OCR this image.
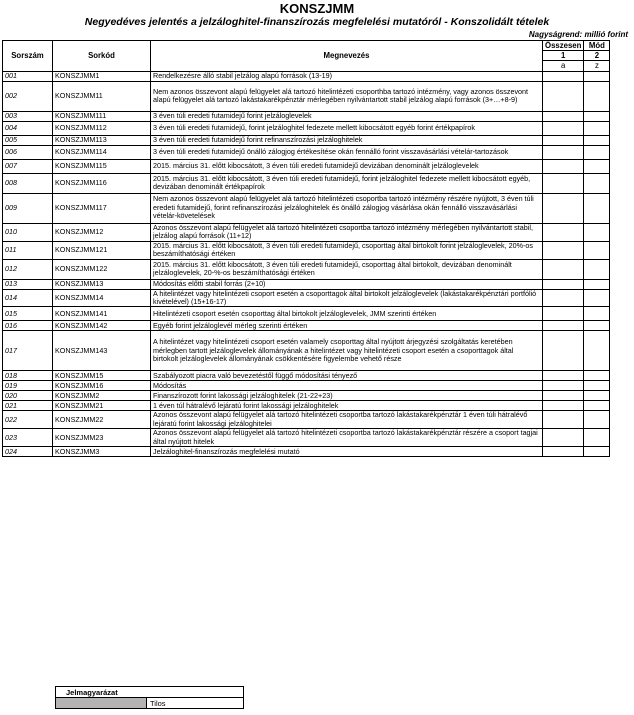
KONSZJMM
Negyedéves jelentés a jelzáloghitel-finanszírozás megfelelési mutatóról - Konszolidált tételek
Nagyságrend: millió forint
Sorszám	Sorkód	Megnevezés	Összesen	Mód
			1	2
			a	z
001	KONSZJMM1	Rendelkezésre álló stabil jelzálog alapú források (13-19)		
002	KONSZJMM11	Nem azonos összevont alapú felügyelet alá tartozó hitelintézeti csoporthba tartozó intézmény, vagy azonos összevont alapú felügyelet alá tartozó lakástakarékpénztár mérlegében nyilvántartott stabil jelzálog alapú források (3+…+8-9)		
003	KONSZJMM111	3 éven túli eredeti futamidejű forint jelzáloglevelek		
004	KONSZJMM112	3 éven túli eredeti futamidejű, forint jelzáloghitel fedezete mellett kibocsátott egyéb forint értékpapírok		
005	KONSZJMM113	3 éven túli eredeti futamidejű forint refinanszírozási jelzáloghitelek		
006	KONSZJMM114	3 éven túli eredeti futamidejű önálló zálogjog értékesítése okán fennálló forint visszavásárlási vételár-tartozások		
007	KONSZJMM115	2015. március 31. előtt kibocsátott, 3 éven túli eredeti futamidejű devizában denominált jelzáloglevelek		
008	KONSZJMM116	2015. március 31. előtt kibocsátott, 3 éven túli eredeti futamidejű, forint jelzáloghitel fedezete mellett kibocsátott egyéb, devizában denominált értékpapírok		
009	KONSZJMM117	Nem azonos összevont alapú felügyelet alá tartozó hitelintézeti csoportba tartozó intézmény részére nyújtott, 3 éven túli eredeti futamidejű, forint refinanszírozási jelzáloghitelek és önálló zálogjog vásárlása okán fennálló visszavásárlási vételár-követelések		
010	KONSZJMM12	Azonos összevont alapú felügyelet alá tartozó hitelintézeti csoportba tartozó intézmény mérlegében nyilvántartott stabil, jelzálog alapú források (11+12)		
011	KONSZJMM121	2015. március 31. előtt kibocsátott, 3 éven túli eredeti futamidejű, csoporttag által birtokolt forint jelzáloglevelek, 20%-os beszámíthatósági értéken		
012	KONSZJMM122	2015. március 31. előtt kibocsátott, 3 éven túli eredeti futamidejű, csoporttag által birtokolt, devizában denominált jelzáloglevelek, 20-%-os beszámíthatósági értéken		
013	KONSZJMM13	Módosítás előtti stabil forrás (2+10)		
014	KONSZJMM14	A hitelintézet vagy hitelintézeti csoport esetén a csoporttagok által birtokolt jelzáloglevelek (lakástakarékpénztári portfólió kivételével) (15+16-17)		
015	KONSZJMM141	Hitelintézeti csoport esetén csoporttag által birtokolt jelzáloglevelek, JMM szerinti értéken		
016	KONSZJMM142	Egyéb forint jelzáloglevél mérleg szerinti értéken		
017	KONSZJMM143	A hitelintézet vagy hitelintézeti csoport esetén valamely csoporttag által nyújtott árjegyzési szolgáltatás keretében mérlegben tartott jelzáloglevelek állományának a hitelintézet vagy hitelintézeti csoport esetén a csoporttagok által birtokolt jelzáloglevelek állományának csökkentésére figyelembe vehető része		
018	KONSZJMM15	Szabályozott piacra való bevezetéstől függő módosítási tényező		
019	KONSZJMM16	Módosítás		
020	KONSZJMM2	Finanszírozott forint lakossági jelzáloghitelek (21-22+23)		
021	KONSZJMM21	1 éven túl hátralévő lejáratú forint lakossági jelzáloghitelek		
022	KONSZJMM22	Azonos összevont alapú felügyelet alá tartozó hitelintézeti csoportba tartozó lakástakarékpénztár 1 éven túli hátralévő lejáratú forint lakossági jelzáloghitelei		
023	KONSZJMM23	Azonos összevont alapú felügyelet alá tartozó hitelintézeti csoportba tartozó lakástakarékpénztár részére a csoport tagjai által nyújtott hitelek		
024	KONSZJMM3	Jelzáloghitel-finanszírozás megfelelési mutató		
Jelmagyarázat
	Tilos
